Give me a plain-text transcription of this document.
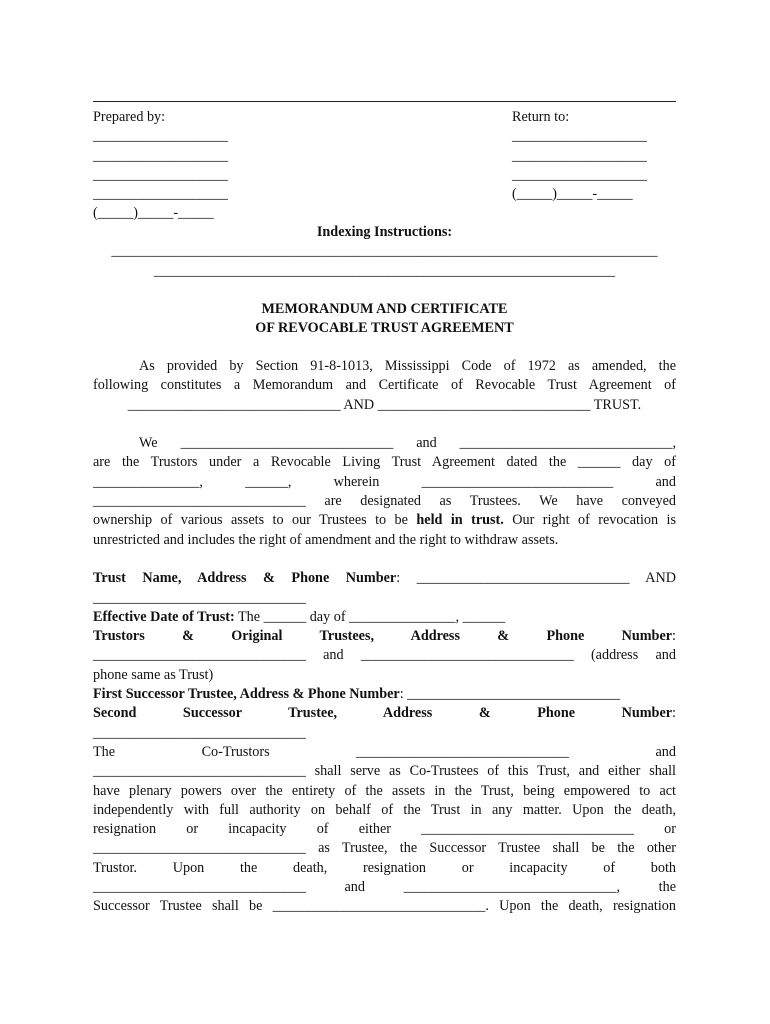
Prepared by:
___________________
___________________
___________________
___________________
(_____)_____-_____
Return to:
___________________
___________________
___________________
(_____)_____-_____
Indexing Instructions:
_____________________________________________________________________________
_________________________________________________________________
MEMORANDUM AND CERTIFICATE
OF REVOCABLE TRUST AGREEMENT
As provided by Section 91-8-1013, Mississippi Code of 1972 as amended, the
following constitutes a Memorandum and Certificate of Revocable Trust Agreement of
______________________________ AND ______________________________ TRUST.
We ______________________________ and ______________________________,
are the Trustors under a Revocable Living Trust Agreement dated the ______ day of
_______________, ______, wherein ___________________________ and
______________________________ are designated as Trustees. We have conveyed
ownership of various assets to our Trustees to be held in trust. Our right of revocation is
unrestricted and includes the right of amendment and the right to withdraw assets.
Trust Name, Address & Phone Number: ______________________________ AND
______________________________
Effective Date of Trust: The ______ day of _______________, ______
Trustors & Original Trustees, Address & Phone Number:
______________________________ and ______________________________ (address and
phone same as Trust)
First Successor Trustee, Address & Phone Number: ______________________________
Second Successor Trustee, Address & Phone Number:
______________________________
The Co-Trustors ______________________________ and
______________________________ shall serve as Co-Trustees of this Trust, and either shall
have plenary powers over the entirety of the assets in the Trust, being empowered to act
independently with full authority on behalf of the Trust in any matter. Upon the death,
resignation or incapacity of either ______________________________ or
______________________________ as Trustee, the Successor Trustee shall be the other
Trustor. Upon the death, resignation or incapacity of both
______________________________ and ______________________________, the
Successor Trustee shall be ______________________________. Upon the death, resignation
